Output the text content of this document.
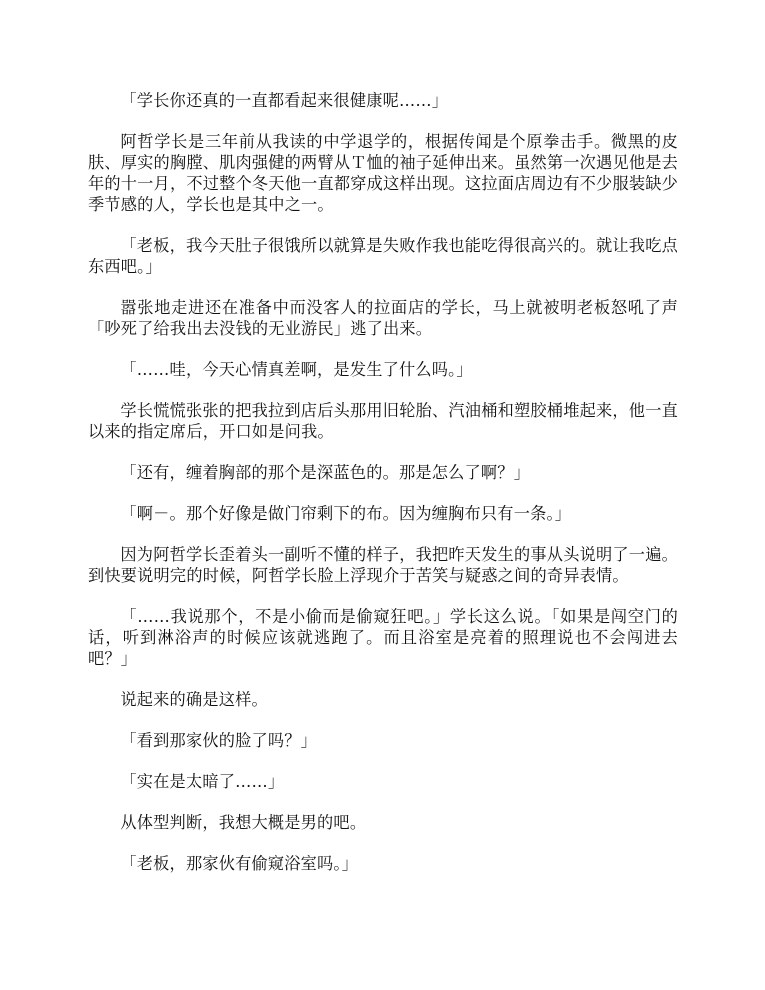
「学长你还真的一直都看起来很健康呢……」

阿哲学长是三年前从我读的中学退学的，根据传闻是个原拳击手。微黑的皮肤、厚实的胸膛、肌肉强健的两臂从Ｔ恤的袖子延伸出来。虽然第一次遇见他是去年的十一月，不过整个冬天他一直都穿成这样出现。这拉面店周边有不少服装缺少季节感的人，学长也是其中之一。

「老板，我今天肚子很饿所以就算是失败作我也能吃得很高兴的。就让我吃点东西吧。」

嚣张地走进还在准备中而没客人的拉面店的学长，马上就被明老板怒吼了声「吵死了给我出去没钱的无业游民」逃了出来。

「……哇，今天心情真差啊，是发生了什么吗。」

学长慌慌张张的把我拉到店后头那用旧轮胎、汽油桶和塑胶桶堆起来，他一直以来的指定席后，开口如是问我。

「还有，缠着胸部的那个是深蓝色的。那是怎么了啊？」

「啊－。那个好像是做门帘剩下的布。因为缠胸布只有一条。」

因为阿哲学长歪着头一副听不懂的样子，我把昨天发生的事从头说明了一遍。到快要说明完的时候，阿哲学长脸上浮现介于苦笑与疑惑之间的奇异表情。

「……我说那个，不是小偷而是偷窥狂吧。」学长这么说。「如果是闯空门的话，听到淋浴声的时候应该就逃跑了。而且浴室是亮着的照理说也不会闯进去吧？」

说起来的确是这样。

「看到那家伙的脸了吗？」

「实在是太暗了……」

从体型判断，我想大概是男的吧。

「老板，那家伙有偷窥浴室吗。」
